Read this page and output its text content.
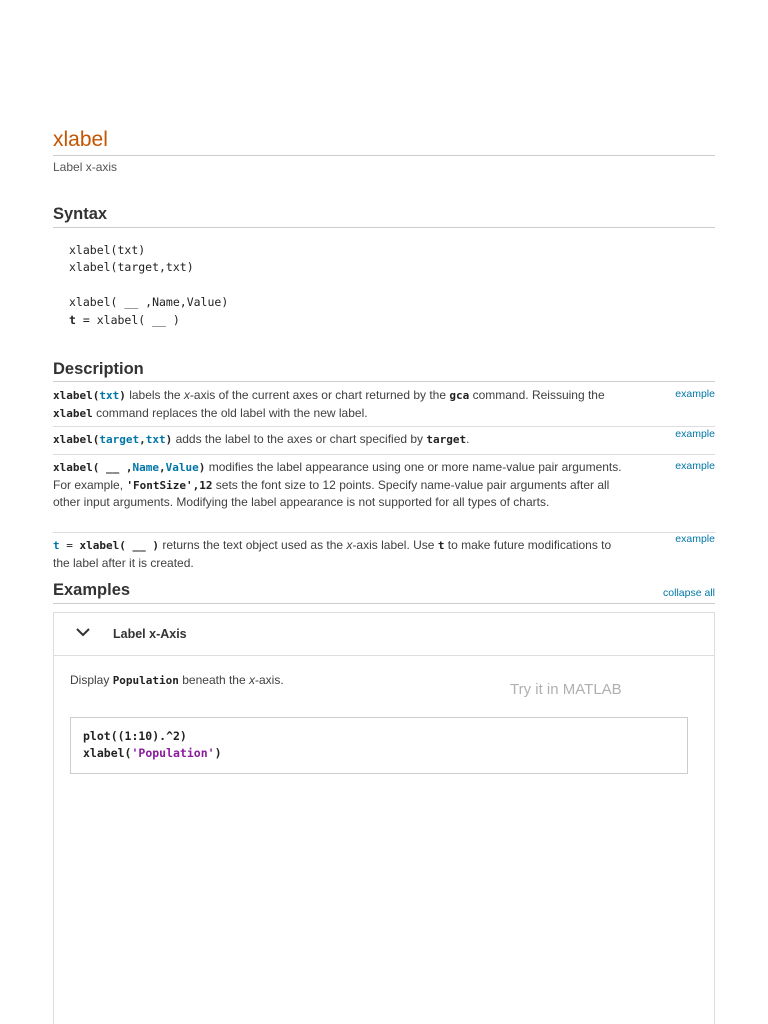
xlabel
Label x-axis
Syntax
xlabel(txt)
xlabel(target,txt)
xlabel( __ ,Name,Value)
t = xlabel( __ )
Description
xlabel(txt) labels the x-axis of the current axes or chart returned by the gca command. Reissuing the xlabel command replaces the old label with the new label.
example
xlabel(target,txt) adds the label to the axes or chart specified by target.	example
xlabel( __ ,Name,Value) modifies the label appearance using one or more name-value pair arguments. For example, 'FontSize',12 sets the font size to 12 points. Specify name-value pair arguments after all other input arguments. Modifying the label appearance is not supported for all types of charts.
example
t = xlabel( __ ) returns the text object used as the x-axis label. Use t to make future modifications to the label after it is created.
example
Examples	collapse all
Label x-Axis
Display Population beneath the x-axis.
Try it in MATLAB
plot((1:10).^2)
xlabel('Population')
